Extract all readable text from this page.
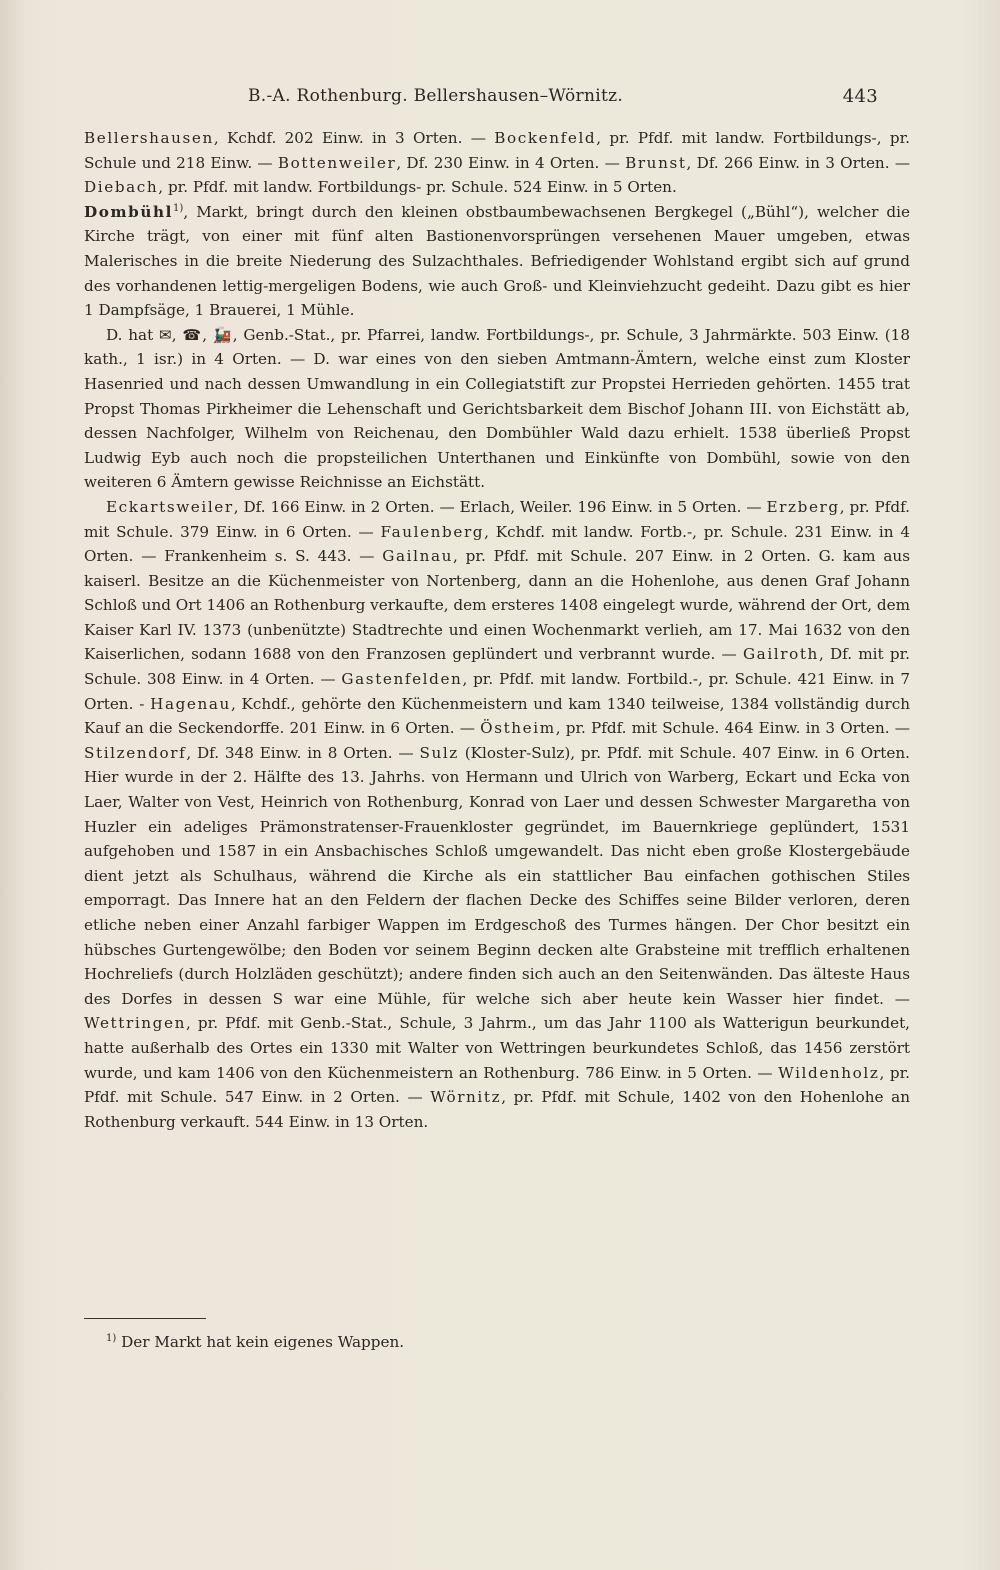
B.-A. Rothenburg. Bellershausen–Wörnitz.	443

Bellershausen, Kchdf. 202 Einw. in 3 Orten. — Bockenfeld, pr. Pfdf. mit landw. Fortbildungs-, pr. Schule und 218 Einw. — Bottenweiler, Df. 230 Einw. in 4 Orten. — Brunst, Df. 266 Einw. in 3 Orten. — Diebach, pr. Pfdf. mit landw. Fortbildungs- pr. Schule. 524 Einw. in 5 Orten.

Dombühl$^{1)}$, Markt, bringt durch den kleinen obstbaumbewachsenen Bergkegel („Bühl“), welcher die Kirche trägt, von einer mit fünf alten Bastionenvorsprüngen versehenen Mauer umgeben, etwas Malerisches in die breite Niederung des Sulzachthales. Befriedigender Wohlstand ergibt sich auf grund des vorhandenen lettig-mergeligen Bodens, wie auch Groß- und Kleinviehzucht gedeiht. Dazu gibt es hier 1 Dampfsäge, 1 Brauerei, 1 Mühle.

D. hat ✉, ☎, 🚂, Genb.-Stat., pr. Pfarrei, landw. Fortbildungs-, pr. Schule, 3 Jahrmärkte. 503 Einw. (18 kath., 1 isr.) in 4 Orten. — D. war eines von den sieben Amtmann-Ämtern, welche einst zum Kloster Hasenried und nach dessen Umwandlung in ein Collegiatstift zur Propstei Herrieden gehörten. 1455 trat Propst Thomas Pirkheimer die Lehenschaft und Gerichtsbarkeit dem Bischof Johann III. von Eichstätt ab, dessen Nachfolger, Wilhelm von Reichenau, den Dombühler Wald dazu erhielt. 1538 überließ Propst Ludwig Eyb auch noch die propsteilichen Unterthanen und Einkünfte von Dombühl, sowie von den weiteren 6 Ämtern gewisse Reichnisse an Eichstätt.

Eckartsweiler, Df. 166 Einw. in 2 Orten. — Erlach, Weiler. 196 Einw. in 5 Orten. — Erzberg, pr. Pfdf. mit Schule. 379 Einw. in 6 Orten. — Faulenberg, Kchdf. mit landw. Fortb.-, pr. Schule. 231 Einw. in 4 Orten. — Frankenheim s. S. 443. — Gailnau, pr. Pfdf. mit Schule. 207 Einw. in 2 Orten. G. kam aus kaiserl. Besitze an die Küchenmeister von Nortenberg, dann an die Hohenlohe, aus denen Graf Johann Schloß und Ort 1406 an Rothenburg verkaufte, dem ersteres 1408 eingelegt wurde, während der Ort, dem Kaiser Karl IV. 1373 (unbenützte) Stadtrechte und einen Wochenmarkt verlieh, am 17. Mai 1632 von den Kaiserlichen, sodann 1688 von den Franzosen geplündert und verbrannt wurde. — Gailroth, Df. mit pr. Schule. 308 Einw. in 4 Orten. — Gastenfelden, pr. Pfdf. mit landw. Fortbild.-, pr. Schule. 421 Einw. in 7 Orten. - Hagenau, Kchdf., gehörte den Küchenmeistern und kam 1340 teilweise, 1384 vollständig durch Kauf an die Seckendorffe. 201 Einw. in 6 Orten. — Östheim, pr. Pfdf. mit Schule. 464 Einw. in 3 Orten. — Stilzendorf, Df. 348 Einw. in 8 Orten. — Sulz (Kloster-Sulz), pr. Pfdf. mit Schule. 407 Einw. in 6 Orten. Hier wurde in der 2. Hälfte des 13. Jahrhs. von Hermann und Ulrich von Warberg, Eckart und Ecka von Laer, Walter von Vest, Heinrich von Rothenburg, Konrad von Laer und dessen Schwester Margaretha von Huzler ein adeliges Prämonstratenser-Frauenkloster gegründet, im Bauernkriege geplündert, 1531 aufgehoben und 1587 in ein Ansbachisches Schloß umgewandelt. Das nicht eben große Klostergebäude dient jetzt als Schulhaus, während die Kirche als ein stattlicher Bau einfachen gothischen Stiles emporragt. Das Innere hat an den Feldern der flachen Decke des Schiffes seine Bilder verloren, deren etliche neben einer Anzahl farbiger Wappen im Erdgeschoß des Turmes hängen. Der Chor besitzt ein hübsches Gurtengewölbe; den Boden vor seinem Beginn decken alte Grabsteine mit trefflich erhaltenen Hochreliefs (durch Holzläden geschützt); andere finden sich auch an den Seitenwänden. Das älteste Haus des Dorfes in dessen S war eine Mühle, für welche sich aber heute kein Wasser hier findet. — Wettringen, pr. Pfdf. mit Genb.-Stat., Schule, 3 Jahrm., um das Jahr 1100 als Watterigun beurkundet, hatte außerhalb des Ortes ein 1330 mit Walter von Wettringen beurkundetes Schloß, das 1456 zerstört wurde, und kam 1406 von den Küchenmeistern an Rothenburg. 786 Einw. in 5 Orten. — Wildenholz, pr. Pfdf. mit Schule. 547 Einw. in 2 Orten. — Wörnitz, pr. Pfdf. mit Schule, 1402 von den Hohenlohe an Rothenburg verkauft. 544 Einw. in 13 Orten.

$^{1)}$ Der Markt hat kein eigenes Wappen.
